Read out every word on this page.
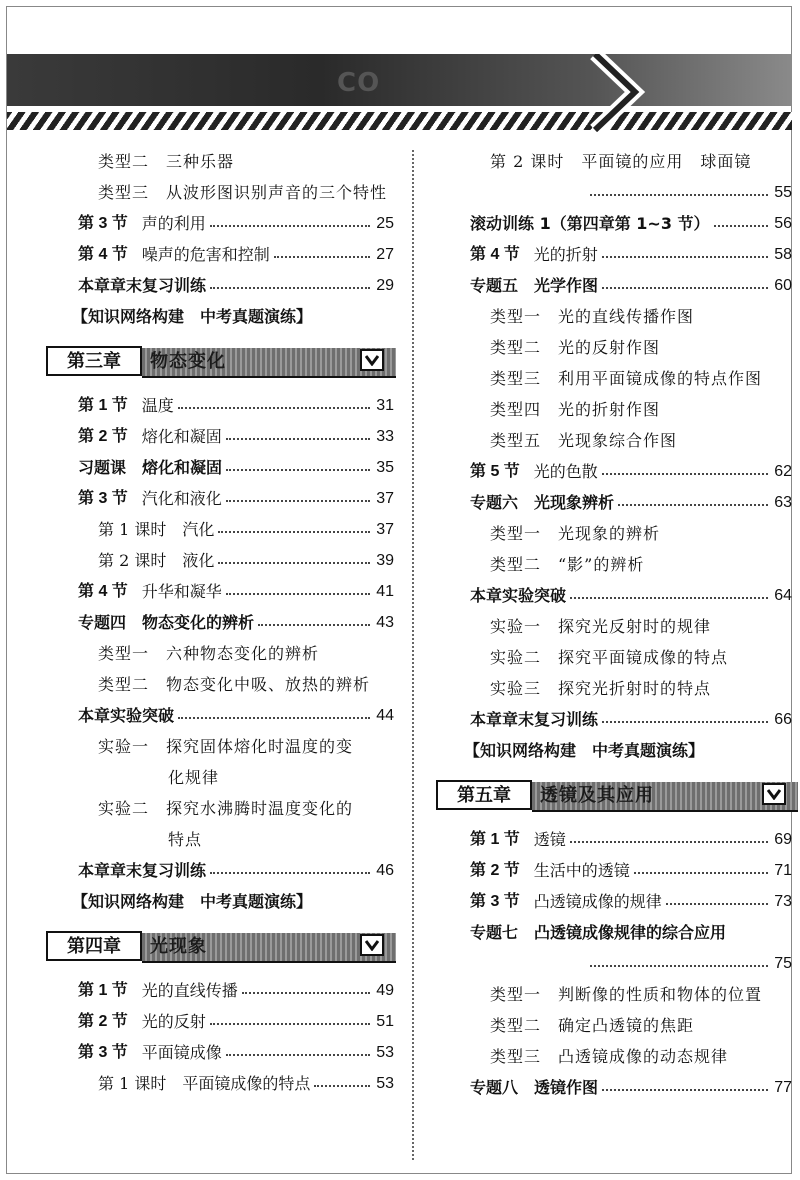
CO
类型二　三种乐器
类型三　从波形图识别声音的三个特性
第 3 节 声的利用	25
第 4 节 噪声的危害和控制	27
本章章末复习训练	29
【知识网络构建　中考真题演练】
第三章	物态变化
第 1 节 温度	31
第 2 节 熔化和凝固	33
习题课　熔化和凝固	35
第 3 节 汽化和液化	37
第 1 课时　汽化	37
第 2 课时　液化	39
第 4 节 升华和凝华	41
专题四　物态变化的辨析	43
类型一　六种物态变化的辨析
类型二　物态变化中吸、放热的辨析
本章实验突破	44
实验一　探究固体熔化时温度的变
化规律
实验二　探究水沸腾时温度变化的
特点
本章章末复习训练	46
【知识网络构建　中考真题演练】
第四章	光现象
第 1 节 光的直线传播	49
第 2 节 光的反射	51
第 3 节 平面镜成像	53
第 1 课时　平面镜成像的特点	53
第 2 课时　平面镜的应用　球面镜
55
滚动训练 1（第四章第 1~3 节）	56
第 4 节 光的折射	58
专题五　光学作图	60
类型一　光的直线传播作图
类型二　光的反射作图
类型三　利用平面镜成像的特点作图
类型四　光的折射作图
类型五　光现象综合作图
第 5 节 光的色散	62
专题六　光现象辨析	63
类型一　光现象的辨析
类型二　“影”的辨析
本章实验突破	64
实验一　探究光反射时的规律
实验二　探究平面镜成像的特点
实验三　探究光折射时的特点
本章章末复习训练	66
【知识网络构建　中考真题演练】
第五章	透镜及其应用
第 1 节 透镜	69
第 2 节 生活中的透镜	71
第 3 节 凸透镜成像的规律	73
专题七　凸透镜成像规律的综合应用
75
类型一　判断像的性质和物体的位置
类型二　确定凸透镜的焦距
类型三　凸透镜成像的动态规律
专题八　透镜作图	77
